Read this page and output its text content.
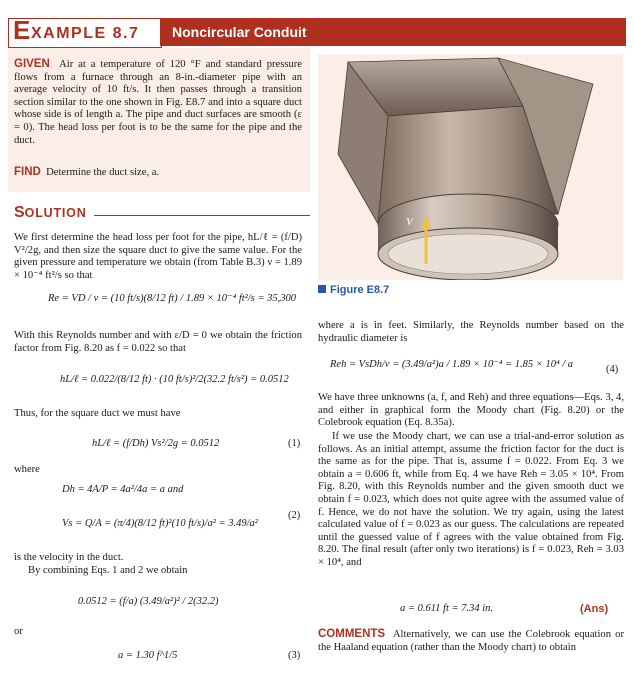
E XAMPLE 8.7	Noncircular Conduit
GIVEN Air at a temperature of 120 °F and standard pressure flows from a furnace through an 8-in.-diameter pipe with an average velocity of 10 ft/s. It then passes through a transition section similar to the one shown in Fig. E8.7 and into a square duct whose side is of length a. The pipe and duct surfaces are smooth (ε = 0). The head loss per foot is to be the same for the pipe and the duct.
FIND Determine the duct size, a.
V
Figure E8.7
SOLUTION
We first determine the head loss per foot for the pipe, hL/ℓ = (f/D) V²/2g, and then size the square duct to give the same value. For the given pressure and temperature we obtain (from Table B.3) ν = 1.89 × 10⁻⁴ ft²/s so that
Re = VD / ν = (10 ft/s)(8/12 ft) / 1.89 × 10⁻⁴ ft²/s = 35,300
With this Reynolds number and with ε/D = 0 we obtain the friction factor from Fig. 8.20 as f = 0.022 so that
hL/ℓ = 0.022/(8/12 ft) · (10 ft/s)²/2(32.2 ft/s²) = 0.0512
Thus, for the square duct we must have
hL/ℓ = (f/Dh) Vs²/2g = 0.0512	(1)
where
Dh = 4A/P = 4a²/4a = a and
Vs = Q/A = (π/4)(8/12 ft)²(10 ft/s)/a² = 3.49/a²
(2)
is the velocity in the duct.
By combining Eqs. 1 and 2 we obtain
0.0512 = (f/a) (3.49/a²)² / 2(32.2)
or
a = 1.30 f^1/5	(3)
where a is in feet. Similarly, the Reynolds number based on the hydraulic diameter is
Reh = VsDh/ν = (3.49/a²)a / 1.89 × 10⁻⁴ = 1.85 × 10⁴ / a	(4)
We have three unknowns (a, f, and Reh) and three equations—Eqs. 3, 4, and either in graphical form the Moody chart (Fig. 8.20) or the Colebrook equation (Eq. 8.35a).
If we use the Moody chart, we can use a trial-and-error solution as follows. As an initial attempt, assume the friction factor for the duct is the same as for the pipe. That is, assume f = 0.022. From Eq. 3 we obtain a = 0.606 ft, while from Eq. 4 we have Reh = 3.05 × 10⁴. From Fig. 8.20, with this Reynolds number and the given smooth duct we obtain f = 0.023, which does not quite agree with the assumed value of f. Hence, we do not have the solution. We try again, using the latest calculated value of f = 0.023 as our guess. The calculations are repeated until the guessed value of f agrees with the value obtained from Fig. 8.20. The final result (after only two iterations) is f = 0.023, Reh = 3.03 × 10⁴, and
a = 0.611 ft = 7.34 in.	(Ans)
COMMENTS Alternatively, we can use the Colebrook equation or the Haaland equation (rather than the Moody chart) to obtain
